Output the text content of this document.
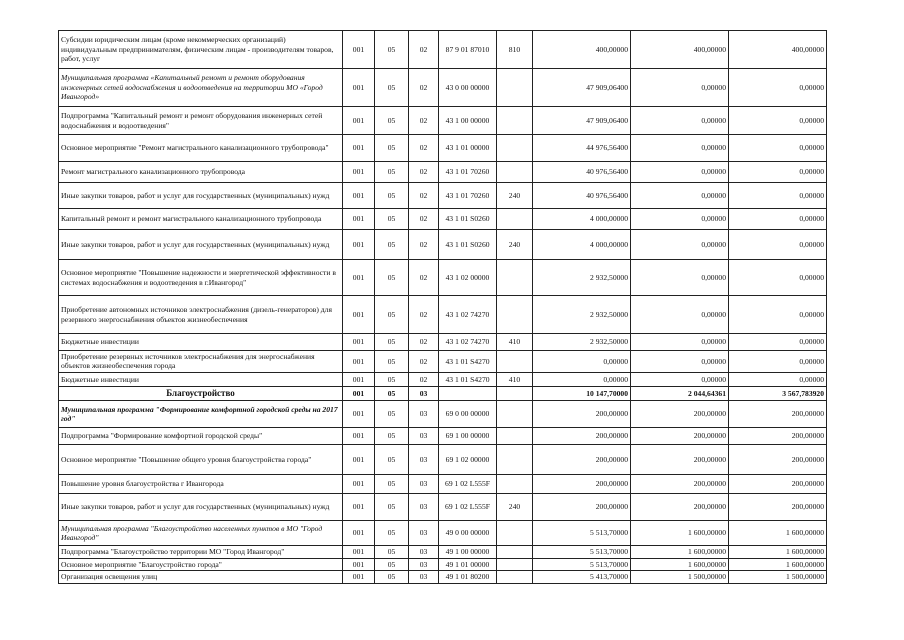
Субсидии юридическим лицам (кроме некоммерческих организаций) индивидуальным предпринимателям, физическим лицам - производителям товаров, работ, услуг	001	05	02	87 9 01 87010	810	400,00000	400,00000	400,00000
Муниципальная программа «Капитальный ремонт и ремонт оборудования инженерных сетей водоснабжения и водоотведения на территории МО «Город Ивангород»	001	05	02	43 0 00 00000		47 909,06400	0,00000	0,00000
Подпрограмма "Капитальный ремонт и ремонт оборудования инженерных сетей водоснабжения и водоотведения"	001	05	02	43 1 00 00000		47 909,06400	0,00000	0,00000
Основное мероприятие "Ремонт магистрального канализационного трубопровода"	001	05	02	43 1 01 00000		44 976,56400	0,00000	0,00000
Ремонт магистрального канализационного трубопровода	001	05	02	43 1 01 70260		40 976,56400	0,00000	0,00000
Иные закупки товаров, работ и услуг для государственных (муниципальных) нужд	001	05	02	43 1 01 70260	240	40 976,56400	0,00000	0,00000
Капитальный ремонт и ремонт магистрального канализационного трубопровода	001	05	02	43 1 01 S0260		4 000,00000	0,00000	0,00000
Иные закупки товаров, работ и услуг для государственных (муниципальных) нужд	001	05	02	43 1 01 S0260	240	4 000,00000	0,00000	0,00000
Основное мероприятие "Повышение надежности и энергетической эффективности в системах водоснабжения и водоотведения в г.Ивангород"	001	05	02	43 1 02 00000		2 932,50000	0,00000	0,00000
Приобретение автономных источников электроснабжения (дизель-генераторов) для резервного энергоснабжения объектов жизнеобеспечения	001	05	02	43 1 02 74270		2 932,50000	0,00000	0,00000
Бюджетные инвестиции	001	05	02	43 1 02 74270	410	2 932,50000	0,00000	0,00000
Приобретение резервных источников электроснабжения для энергоснабжения объектов жизнеобеспечения города	001	05	02	43 1 01 S4270		0,00000	0,00000	0,00000
Бюджетные инвестиции	001	05	02	43 1 01 S4270	410	0,00000	0,00000	0,00000
Благоустройство	001	05	03			10 147,70000	2 044,64361	3 567,783920
Муниципальная программа "Формирование комфортной городской среды на 2017 год"	001	05	03	69 0 00 00000		200,00000	200,00000	200,00000
Подпрограмма "Формирование комфортной городской среды"	001	05	03	69 1 00 00000		200,00000	200,00000	200,00000
Основное мероприятие "Повышение общего уровня благоустройства города"	001	05	03	69 1 02 00000		200,00000	200,00000	200,00000
Повышение уровня благоустройства г Ивангорода	001	05	03	69 1 02 L555F		200,00000	200,00000	200,00000
Иные закупки товаров, работ и услуг для государственных (муниципальных) нужд	001	05	03	69 1 02 L555F	240	200,00000	200,00000	200,00000
Муниципальная программа "Благоустройство населенных пунктов в МО "Город Ивангород"	001	05	03	49 0 00 00000		5 513,70000	1 600,00000	1 600,00000
Подпрограмма "Благоустройство территории МО "Город Ивангород"	001	05	03	49 1 00 00000		5 513,70000	1 600,00000	1 600,00000
Основное мероприятие "Благоустройство города"	001	05	03	49 1 01 00000		5 513,70000	1 600,00000	1 600,00000
Организация освещения улиц	001	05	03	49 1 01 80200		5 413,70000	1 500,00000	1 500,00000
